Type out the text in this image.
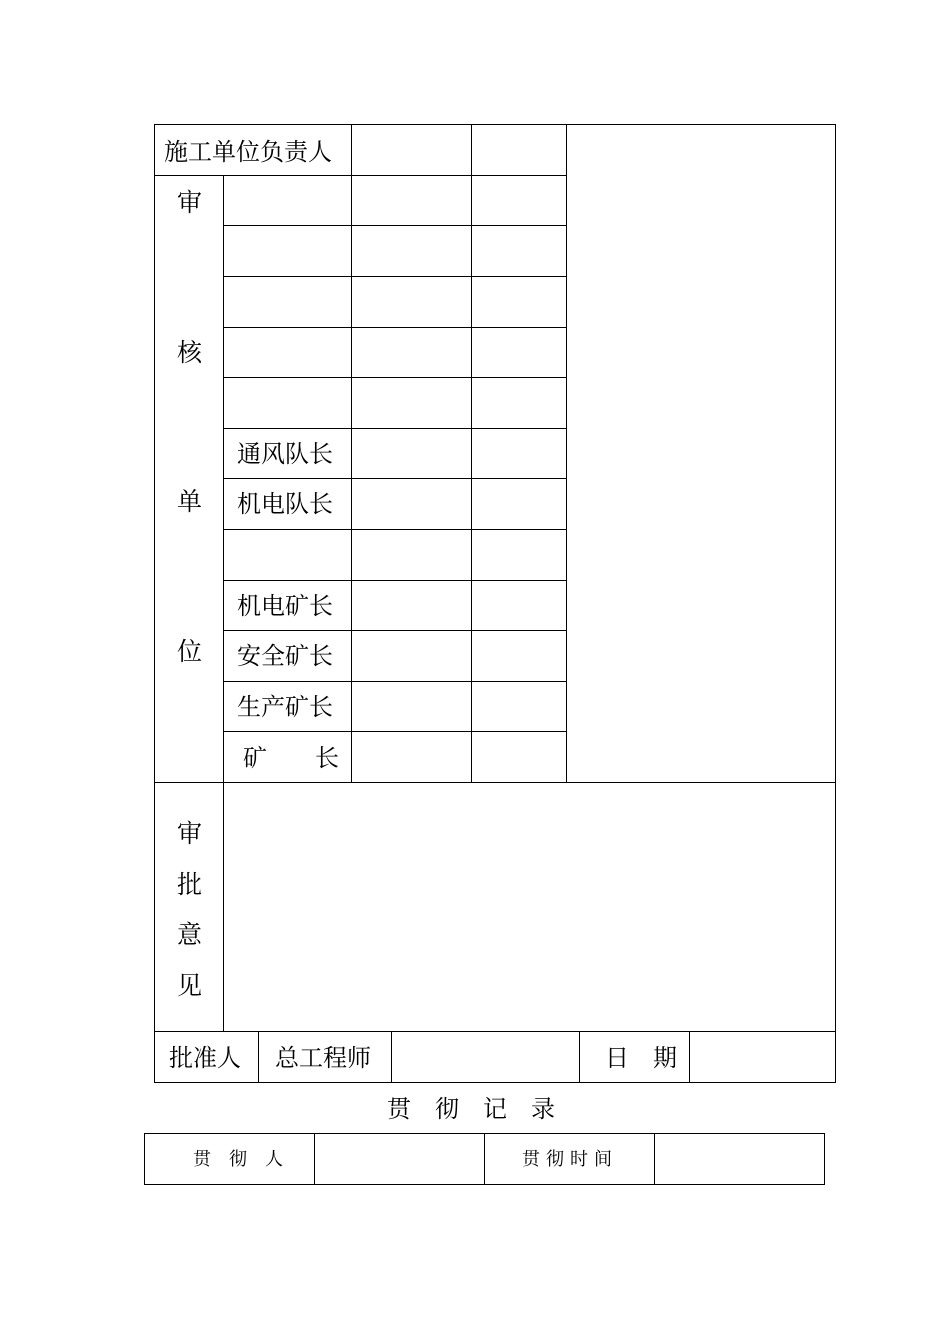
施工单位负责人
审
核
单
位
通风队长
机电队长
机电矿长
安全矿长
生产矿长
矿　　长
审
批
意
见
批准人 总工程师	日　期
贯　彻　记　录
贯　彻　人	贯彻时间
